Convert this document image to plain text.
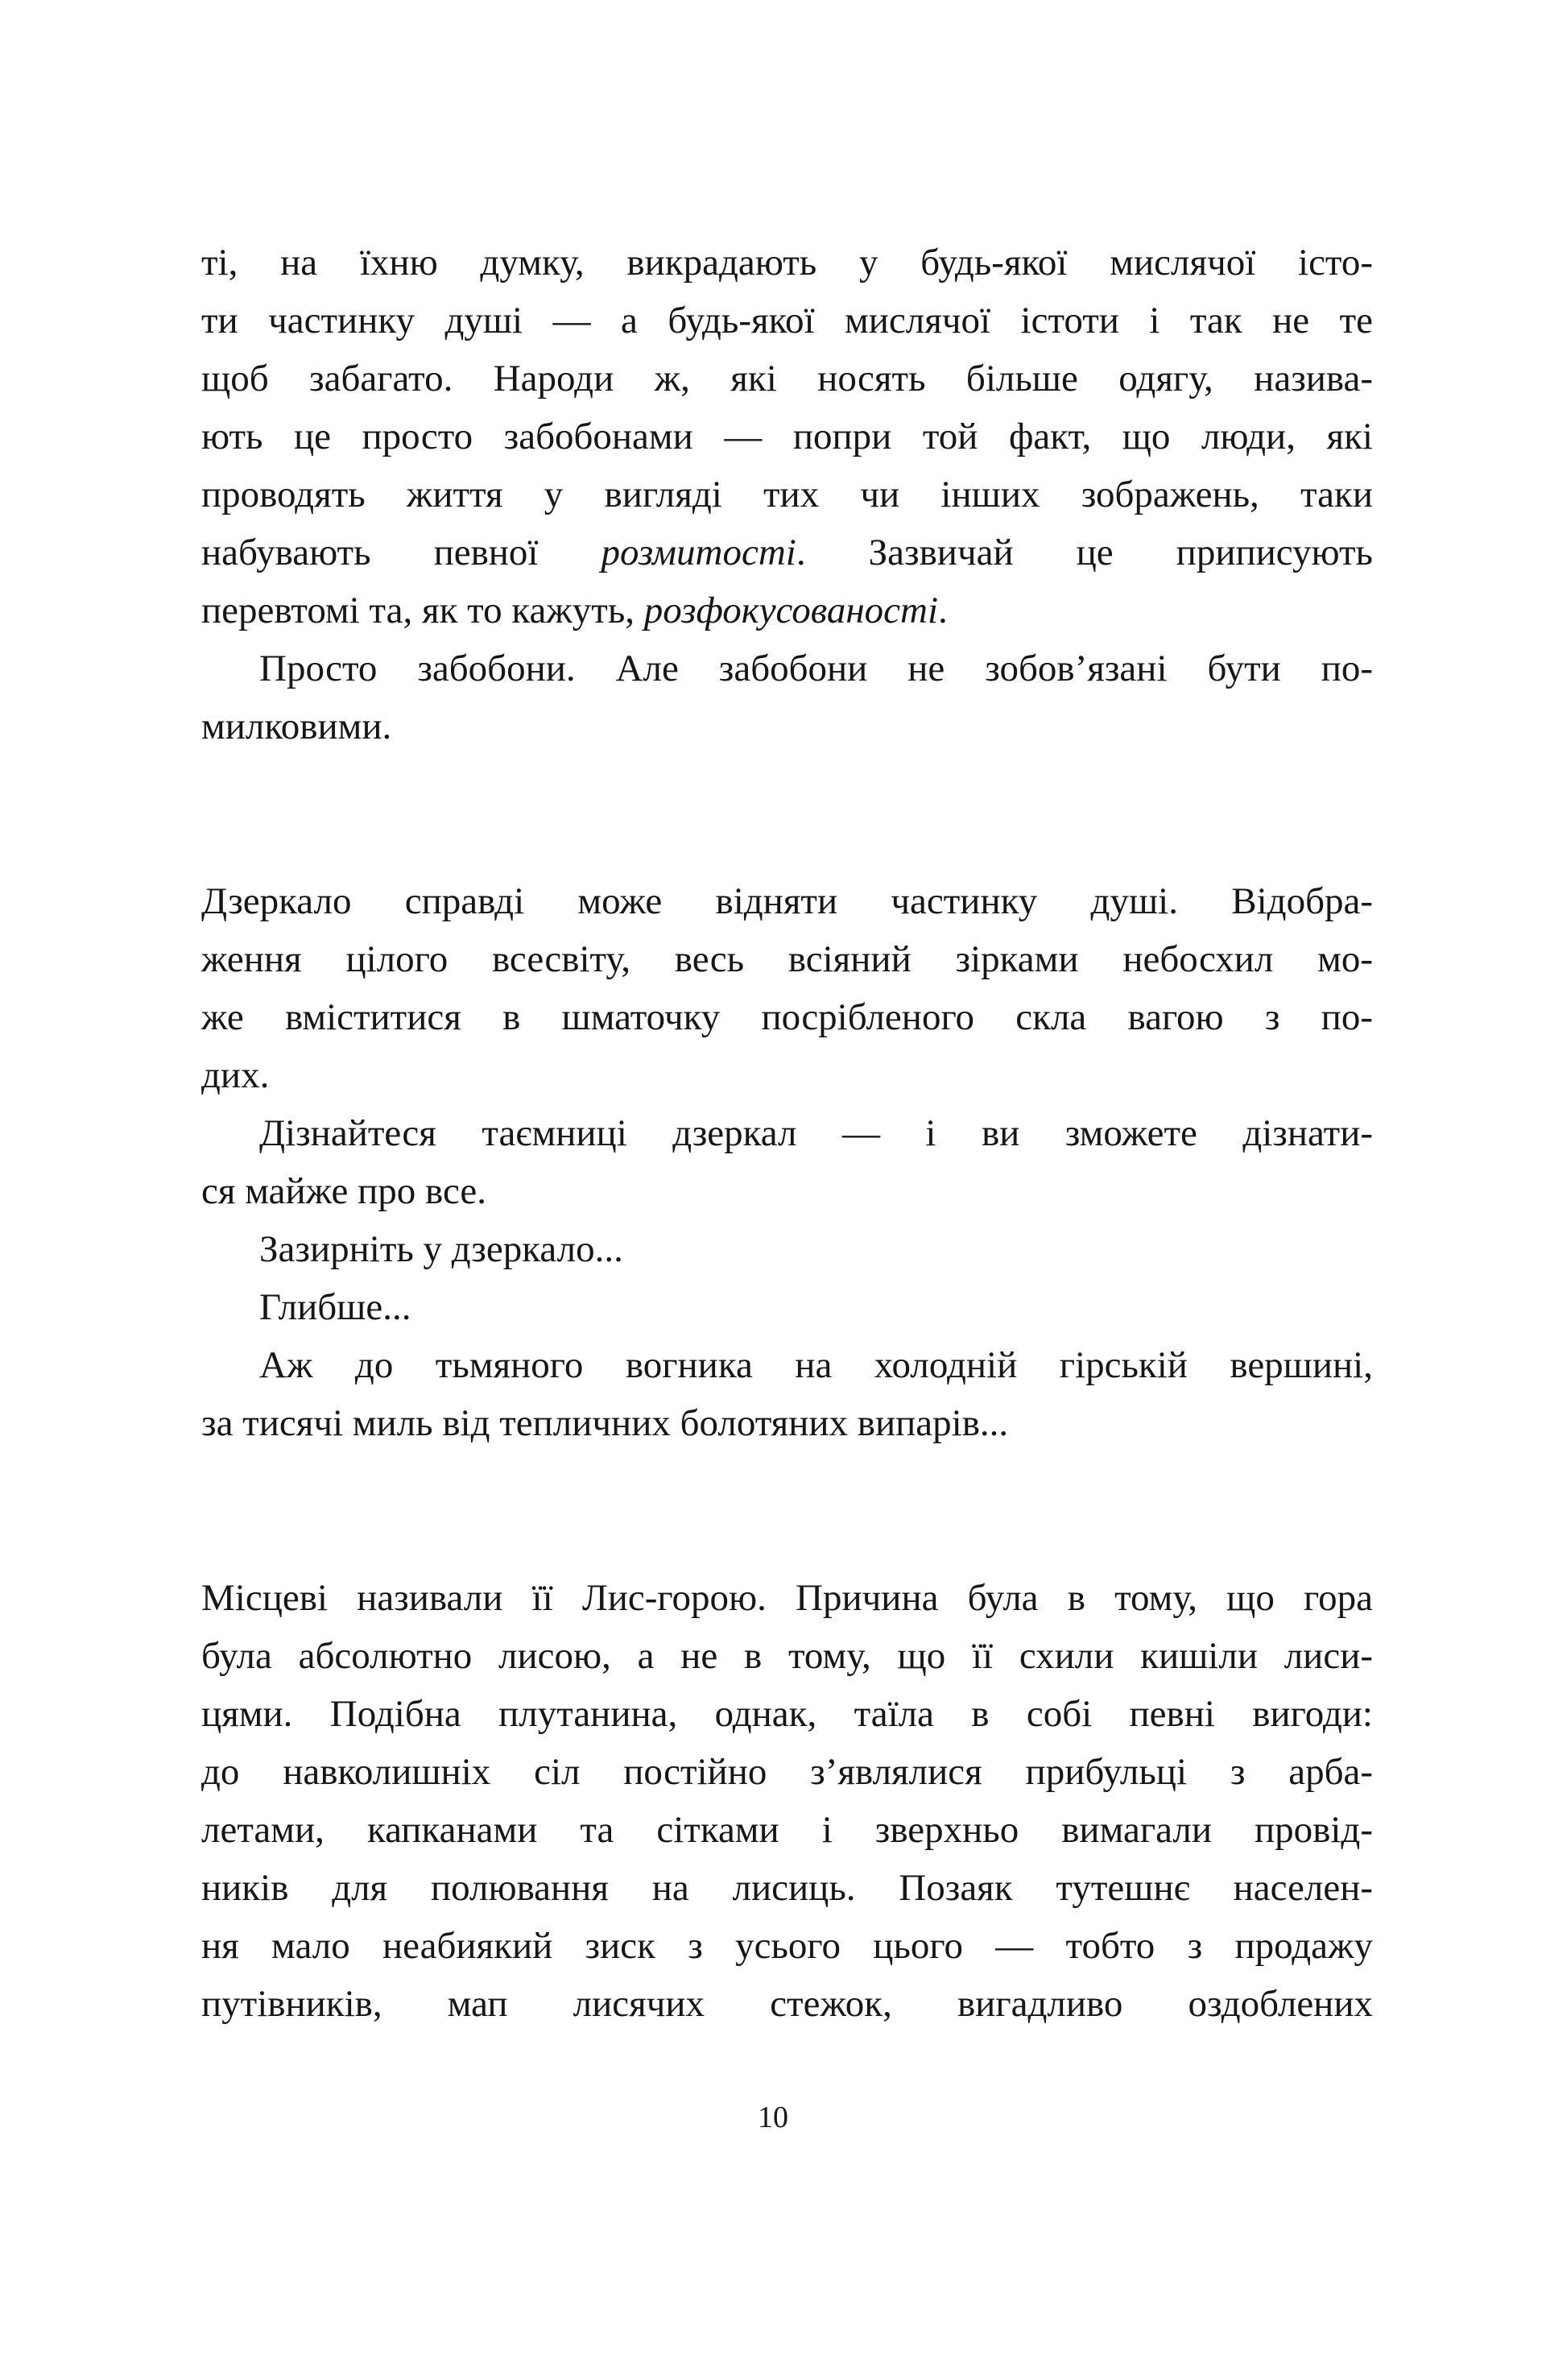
ті, на їхню думку, викрадають у будь-якої мислячої істо-
ти частинку душі — а будь-якої мислячої істоти і так не те
щоб забагато. Народи ж, які носять більше одягу, назива-
ють це просто забобонами — попри той факт, що люди, які
проводять життя у вигляді тих чи інших зображень, таки
набувають певної розмитості. Зазвичай це приписують
перевтомі та, як то кажуть, розфокусованості.
Просто забобони. Але забобони не зобов’язані бути по-
милковими.
Дзеркало справді може відняти частинку душі. Відобра-
ження цілого всесвіту, весь всіяний зірками небосхил мо-
же вміститися в шматочку посрібленого скла вагою з по-
дих.
Дізнайтеся таємниці дзеркал — і ви зможете дізнати-
ся майже про все.
Зазирніть у дзеркало...
Глибше...
Аж до тьмяного вогника на холодній гірській вершині,
за тисячі миль від тепличних болотяних випарів...
Місцеві називали її Лис-горою. Причина була в тому, що гора
була абсолютно лисою, а не в тому, що її схили кишіли лиси-
цями. Подібна плутанина, однак, таїла в собі певні вигоди:
до навколишніх сіл постійно з’являлися прибульці з арба-
летами, капканами та сітками і зверхньо вимагали провід-
ників для полювання на лисиць. Позаяк тутешнє населен-
ня мало неабиякий зиск з усього цього — тобто з продажу
путівників, мап лисячих стежок, вигадливо оздоблених
10
